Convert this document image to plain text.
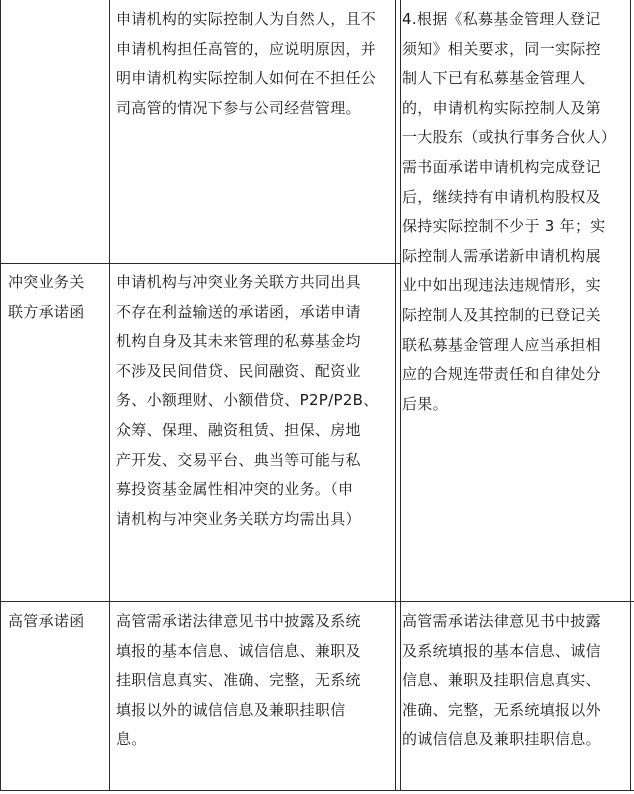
申请机构的实际控制人为自然人，且不
申请机构担任高管的，应说明原因，并
明申请机构实际控制人如何在不担任公
司高管的情况下参与公司经营管理。
4.根据《私募基金管理人登记
须知》相关要求，同一实际控
制人下已有私募基金管理人
的，申请机构实际控制人及第
一大股东（或执行事务合伙人）
需书面承诺申请机构完成登记
后，继续持有申请机构股权及
保持实际控制不少于 3 年；实
际控制人需承诺新申请机构展
业中如出现违法违规情形，实
际控制人及其控制的已登记关
联私募基金管理人应当承担相
应的合规连带责任和自律处分
后果。
冲突业务关
联方承诺函
申请机构与冲突业务关联方共同出具
不存在利益输送的承诺函，承诺申请
机构自身及其未来管理的私募基金均
不涉及民间借贷、民间融资、配资业
务、小额理财、小额借贷、P2P/P2B、
众筹、保理、融资租赁、担保、房地
产开发、交易平台、典当等可能与私
募投资基金属性相冲突的业务。（申
请机构与冲突业务关联方均需出具）
高管承诺函	高管需承诺法律意见书中披露及系统
填报的基本信息、诚信信息、兼职及
挂职信息真实、准确、完整，无系统
填报以外的诚信信息及兼职挂职信
息。
高管需承诺法律意见书中披露
及系统填报的基本信息、诚信
信息、兼职及挂职信息真实、
准确、完整，无系统填报以外
的诚信信息及兼职挂职信息。
